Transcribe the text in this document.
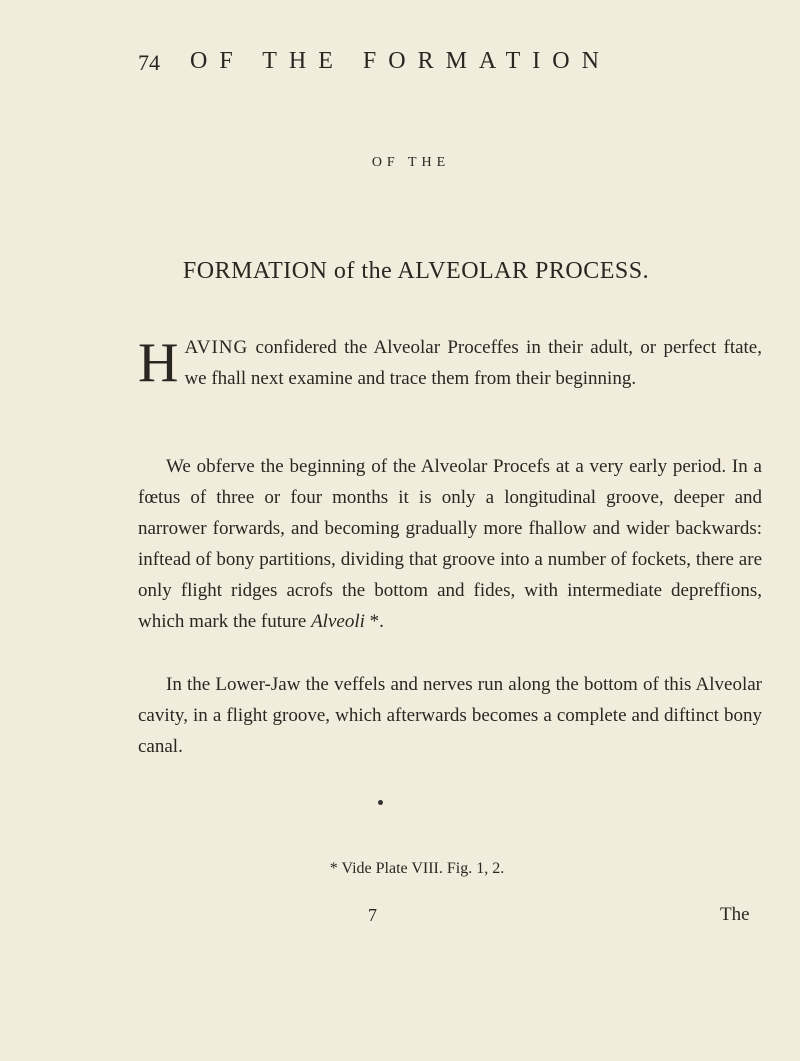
74 OF THE FORMATION
OF THE
FORMATION of the ALVEOLAR PROCESS.
HAVING confidered the Alveolar Proceffes in their adult, or perfect ftate, we fhall next examine and trace them from their beginning.
We obferve the beginning of the Alveolar Procefs at a very early period. In a fœtus of three or four months it is only a longitudinal groove, deeper and narrower forwards, and becoming gradually more fhallow and wider backwards: inftead of bony partitions, dividing that groove into a number of fockets, there are only flight ridges acrofs the bottom and fides, with intermediate depreffions, which mark the future Alveoli *.
In the Lower-Jaw the veffels and nerves run along the bottom of this Alveolar cavity, in a flight groove, which afterwards becomes a complete and diftinct bony canal.
* Vide Plate VIII. Fig. 1, 2.
7	The
